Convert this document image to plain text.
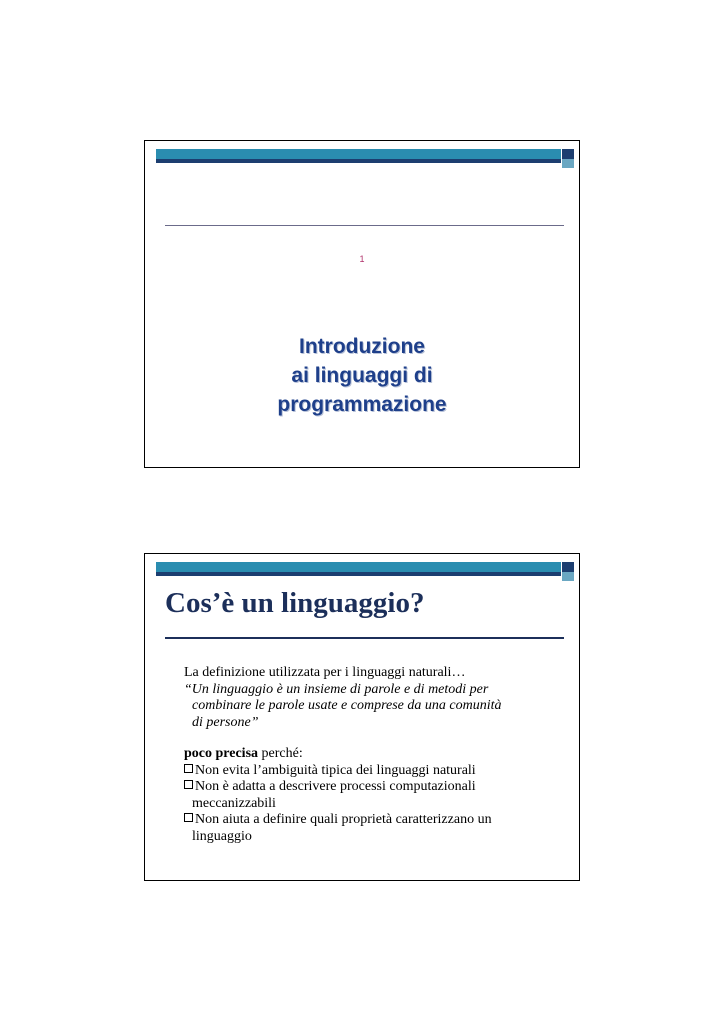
1
Introduzione
ai linguaggi di
programmazione
Cos’è un linguaggio?

La definizione utilizzata per i linguaggi naturali…

“Un linguaggio è un insieme di parole e di metodi per

combinare le parole usate e comprese da una comunità

di persone”

poco precisa perché:

Non evita l’ambiguità tipica dei linguaggi naturali

Non è adatta a descrivere processi computazionali

meccanizzabili

Non aiuta a definire quali proprietà caratterizzano un

linguaggio
